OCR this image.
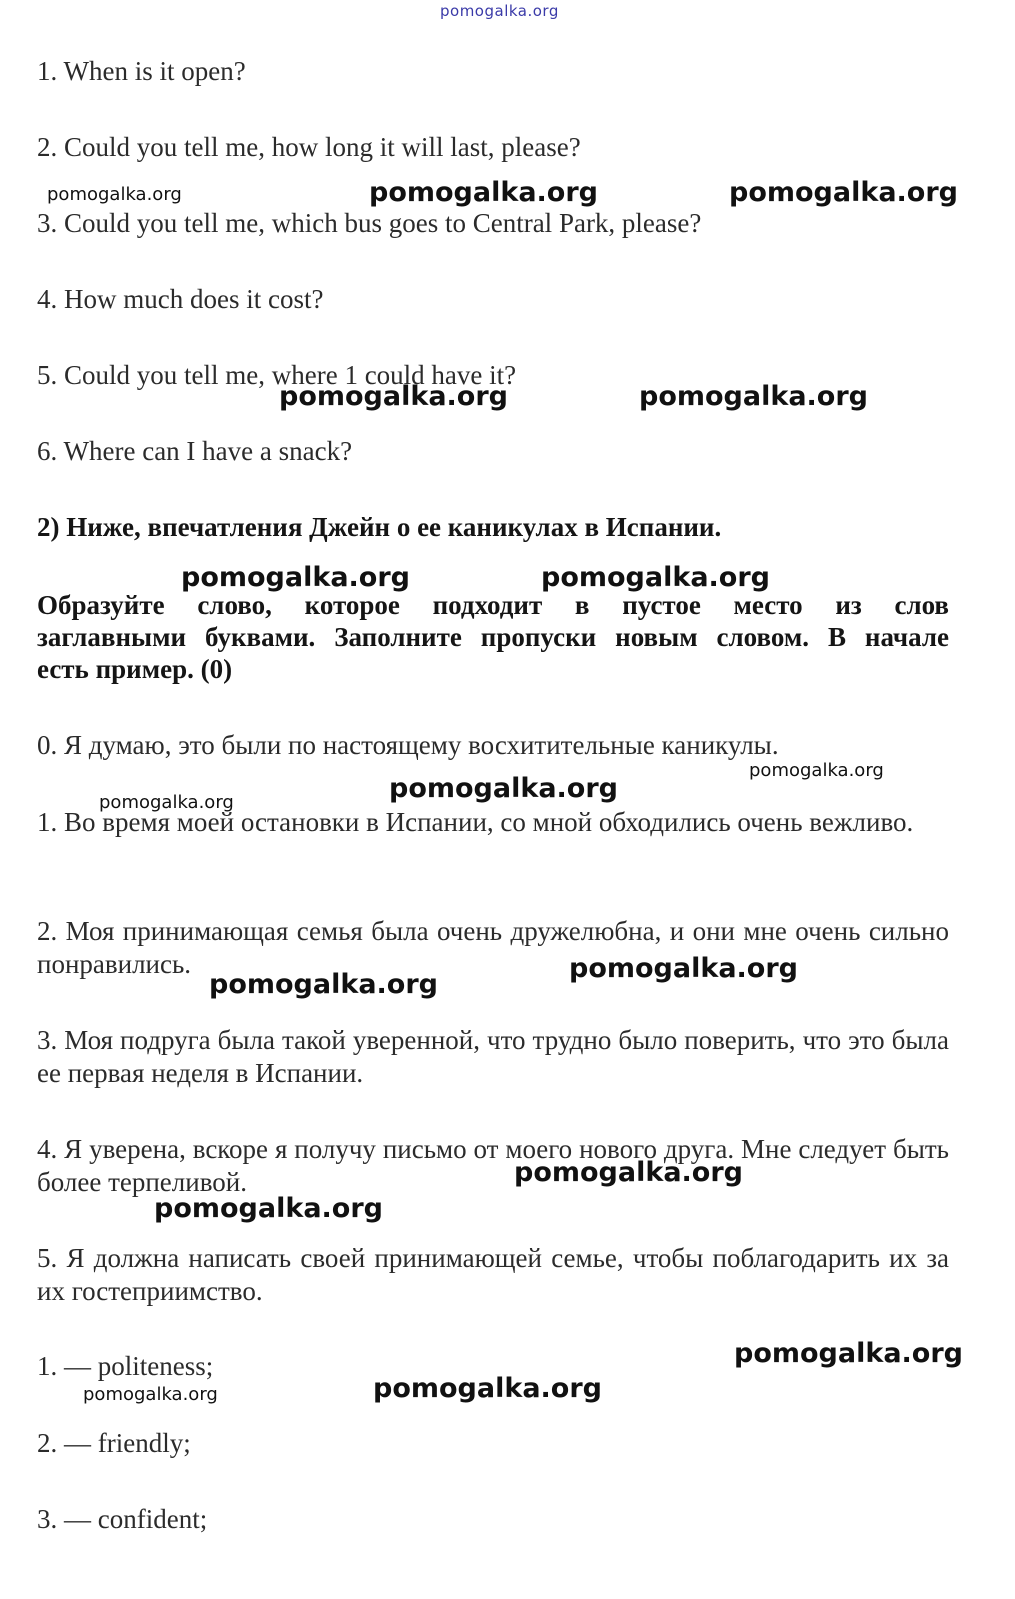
pomogalka.org

1. When is it open?

2. Could you tell me, how long it will last, please?

3. Could you tell me, which bus goes to Central Park, please?

4. How much does it cost?

5. Could you tell me, where 1 could have it?

6. Where can I have a snack?

2) Ниже, впечатления Джейн о ее каникулах в Испании.

Образуйте слово, которое подходит в пустое место из слов

заглавными буквами. Заполните пропуски новым словом. В начале

есть пример. (0)

0. Я думаю, это были по настоящему восхитительные каникулы.

1. Во время моей остановки в Испании, со мной обходились очень вежливо.

2. Моя принимающая семья была очень дружелюбна, и они мне очень сильно понравились.

3. Моя подруга была такой уверенной, что трудно было поверить, что это была ее первая неделя в Испании.

4. Я уверена, вскоре я получу письмо от моего нового друга. Мне следует быть более терпеливой.

5. Я должна написать своей принимающей семье, чтобы поблагодарить их за их гостеприимство.

1. — politeness;

2. — friendly;

3. — confident;

pomogalka.org	pomogalka.org	pomogalka.org

pomogalka.org	pomogalka.org

pomogalka.org	pomogalka.org

pomogalka.org

pomogalka.org	pomogalka.org

pomogalka.org

pomogalka.org

pomogalka.org

pomogalka.org

pomogalka.org

pomogalka.org	pomogalka.org
